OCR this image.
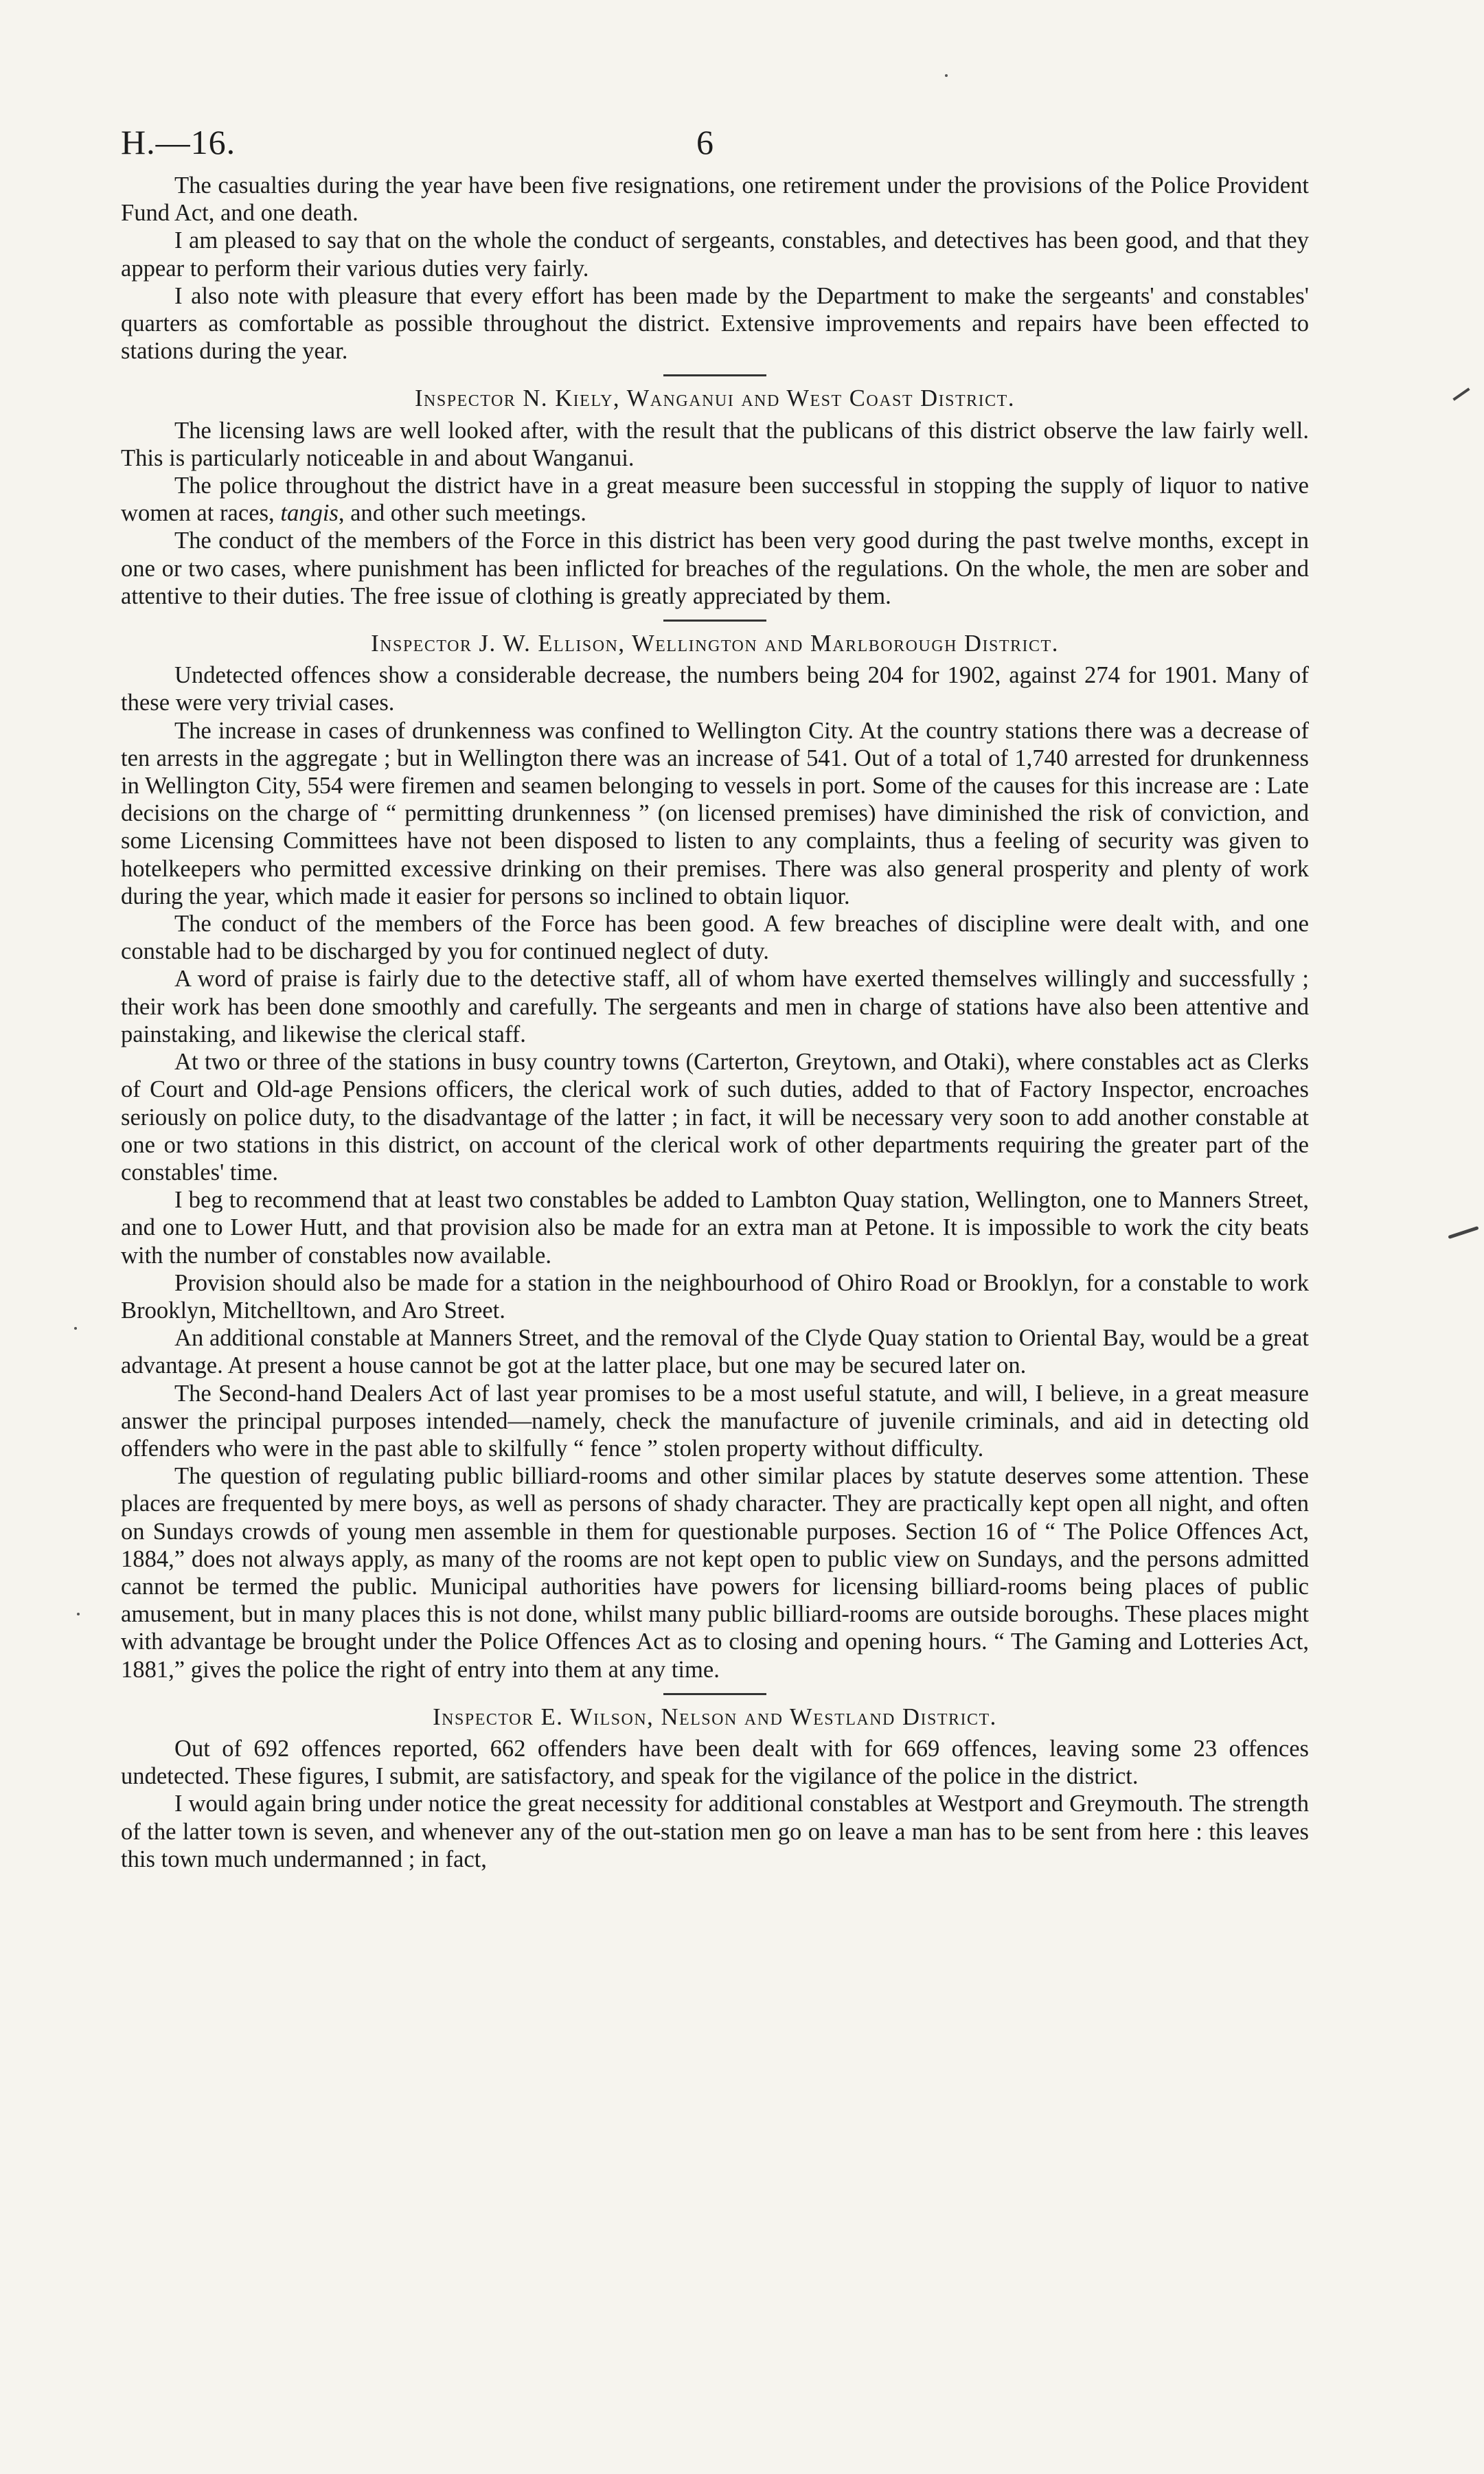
H.—16.	6

The casualties during the year have been five resignations, one retirement under the provisions of the Police Provident Fund Act, and one death.

I am pleased to say that on the whole the conduct of sergeants, constables, and detectives has been good, and that they appear to perform their various duties very fairly.

I also note with pleasure that every effort has been made by the Department to make the sergeants' and constables' quarters as comfortable as possible throughout the district. Extensive improvements and repairs have been effected to stations during the year.

Inspector N. Kiely, Wanganui and West Coast District.

The licensing laws are well looked after, with the result that the publicans of this district observe the law fairly well. This is particularly noticeable in and about Wanganui.

The police throughout the district have in a great measure been successful in stopping the supply of liquor to native women at races, tangis, and other such meetings.

The conduct of the members of the Force in this district has been very good during the past twelve months, except in one or two cases, where punishment has been inflicted for breaches of the regulations. On the whole, the men are sober and attentive to their duties. The free issue of clothing is greatly appreciated by them.

Inspector J. W. Ellison, Wellington and Marlborough District.

Undetected offences show a considerable decrease, the numbers being 204 for 1902, against 274 for 1901. Many of these were very trivial cases.

The increase in cases of drunkenness was confined to Wellington City. At the country stations there was a decrease of ten arrests in the aggregate ; but in Wellington there was an increase of 541. Out of a total of 1,740 arrested for drunkenness in Wellington City, 554 were firemen and seamen belonging to vessels in port. Some of the causes for this increase are : Late decisions on the charge of “ permitting drunkenness ” (on licensed premises) have diminished the risk of conviction, and some Licensing Committees have not been disposed to listen to any complaints, thus a feeling of security was given to hotelkeepers who permitted excessive drinking on their premises. There was also general prosperity and plenty of work during the year, which made it easier for persons so inclined to obtain liquor.

The conduct of the members of the Force has been good. A few breaches of discipline were dealt with, and one constable had to be discharged by you for continued neglect of duty.

A word of praise is fairly due to the detective staff, all of whom have exerted themselves willingly and successfully ; their work has been done smoothly and carefully. The sergeants and men in charge of stations have also been attentive and painstaking, and likewise the clerical staff.

At two or three of the stations in busy country towns (Carterton, Greytown, and Otaki), where constables act as Clerks of Court and Old-age Pensions officers, the clerical work of such duties, added to that of Factory Inspector, encroaches seriously on police duty, to the disadvantage of the latter ; in fact, it will be necessary very soon to add another constable at one or two stations in this district, on account of the clerical work of other departments requiring the greater part of the constables' time.

I beg to recommend that at least two constables be added to Lambton Quay station, Wellington, one to Manners Street, and one to Lower Hutt, and that provision also be made for an extra man at Petone. It is impossible to work the city beats with the number of constables now available.

Provision should also be made for a station in the neighbourhood of Ohiro Road or Brooklyn, for a constable to work Brooklyn, Mitchelltown, and Aro Street.

An additional constable at Manners Street, and the removal of the Clyde Quay station to Oriental Bay, would be a great advantage. At present a house cannot be got at the latter place, but one may be secured later on.

The Second-hand Dealers Act of last year promises to be a most useful statute, and will, I believe, in a great measure answer the principal purposes intended—namely, check the manufacture of juvenile criminals, and aid in detecting old offenders who were in the past able to skilfully “ fence ” stolen property without difficulty.

The question of regulating public billiard-rooms and other similar places by statute deserves some attention. These places are frequented by mere boys, as well as persons of shady character. They are practically kept open all night, and often on Sundays crowds of young men assemble in them for questionable purposes. Section 16 of “ The Police Offences Act, 1884,” does not always apply, as many of the rooms are not kept open to public view on Sundays, and the persons admitted cannot be termed the public. Municipal authorities have powers for licensing billiard-rooms being places of public amusement, but in many places this is not done, whilst many public billiard-rooms are outside boroughs. These places might with advantage be brought under the Police Offences Act as to closing and opening hours. “ The Gaming and Lotteries Act, 1881,” gives the police the right of entry into them at any time.

Inspector E. Wilson, Nelson and Westland District.

Out of 692 offences reported, 662 offenders have been dealt with for 669 offences, leaving some 23 offences undetected. These figures, I submit, are satisfactory, and speak for the vigilance of the police in the district.

I would again bring under notice the great necessity for additional constables at Westport and Greymouth. The strength of the latter town is seven, and whenever any of the out-station men go on leave a man has to be sent from here : this leaves this town much undermanned ; in fact,
